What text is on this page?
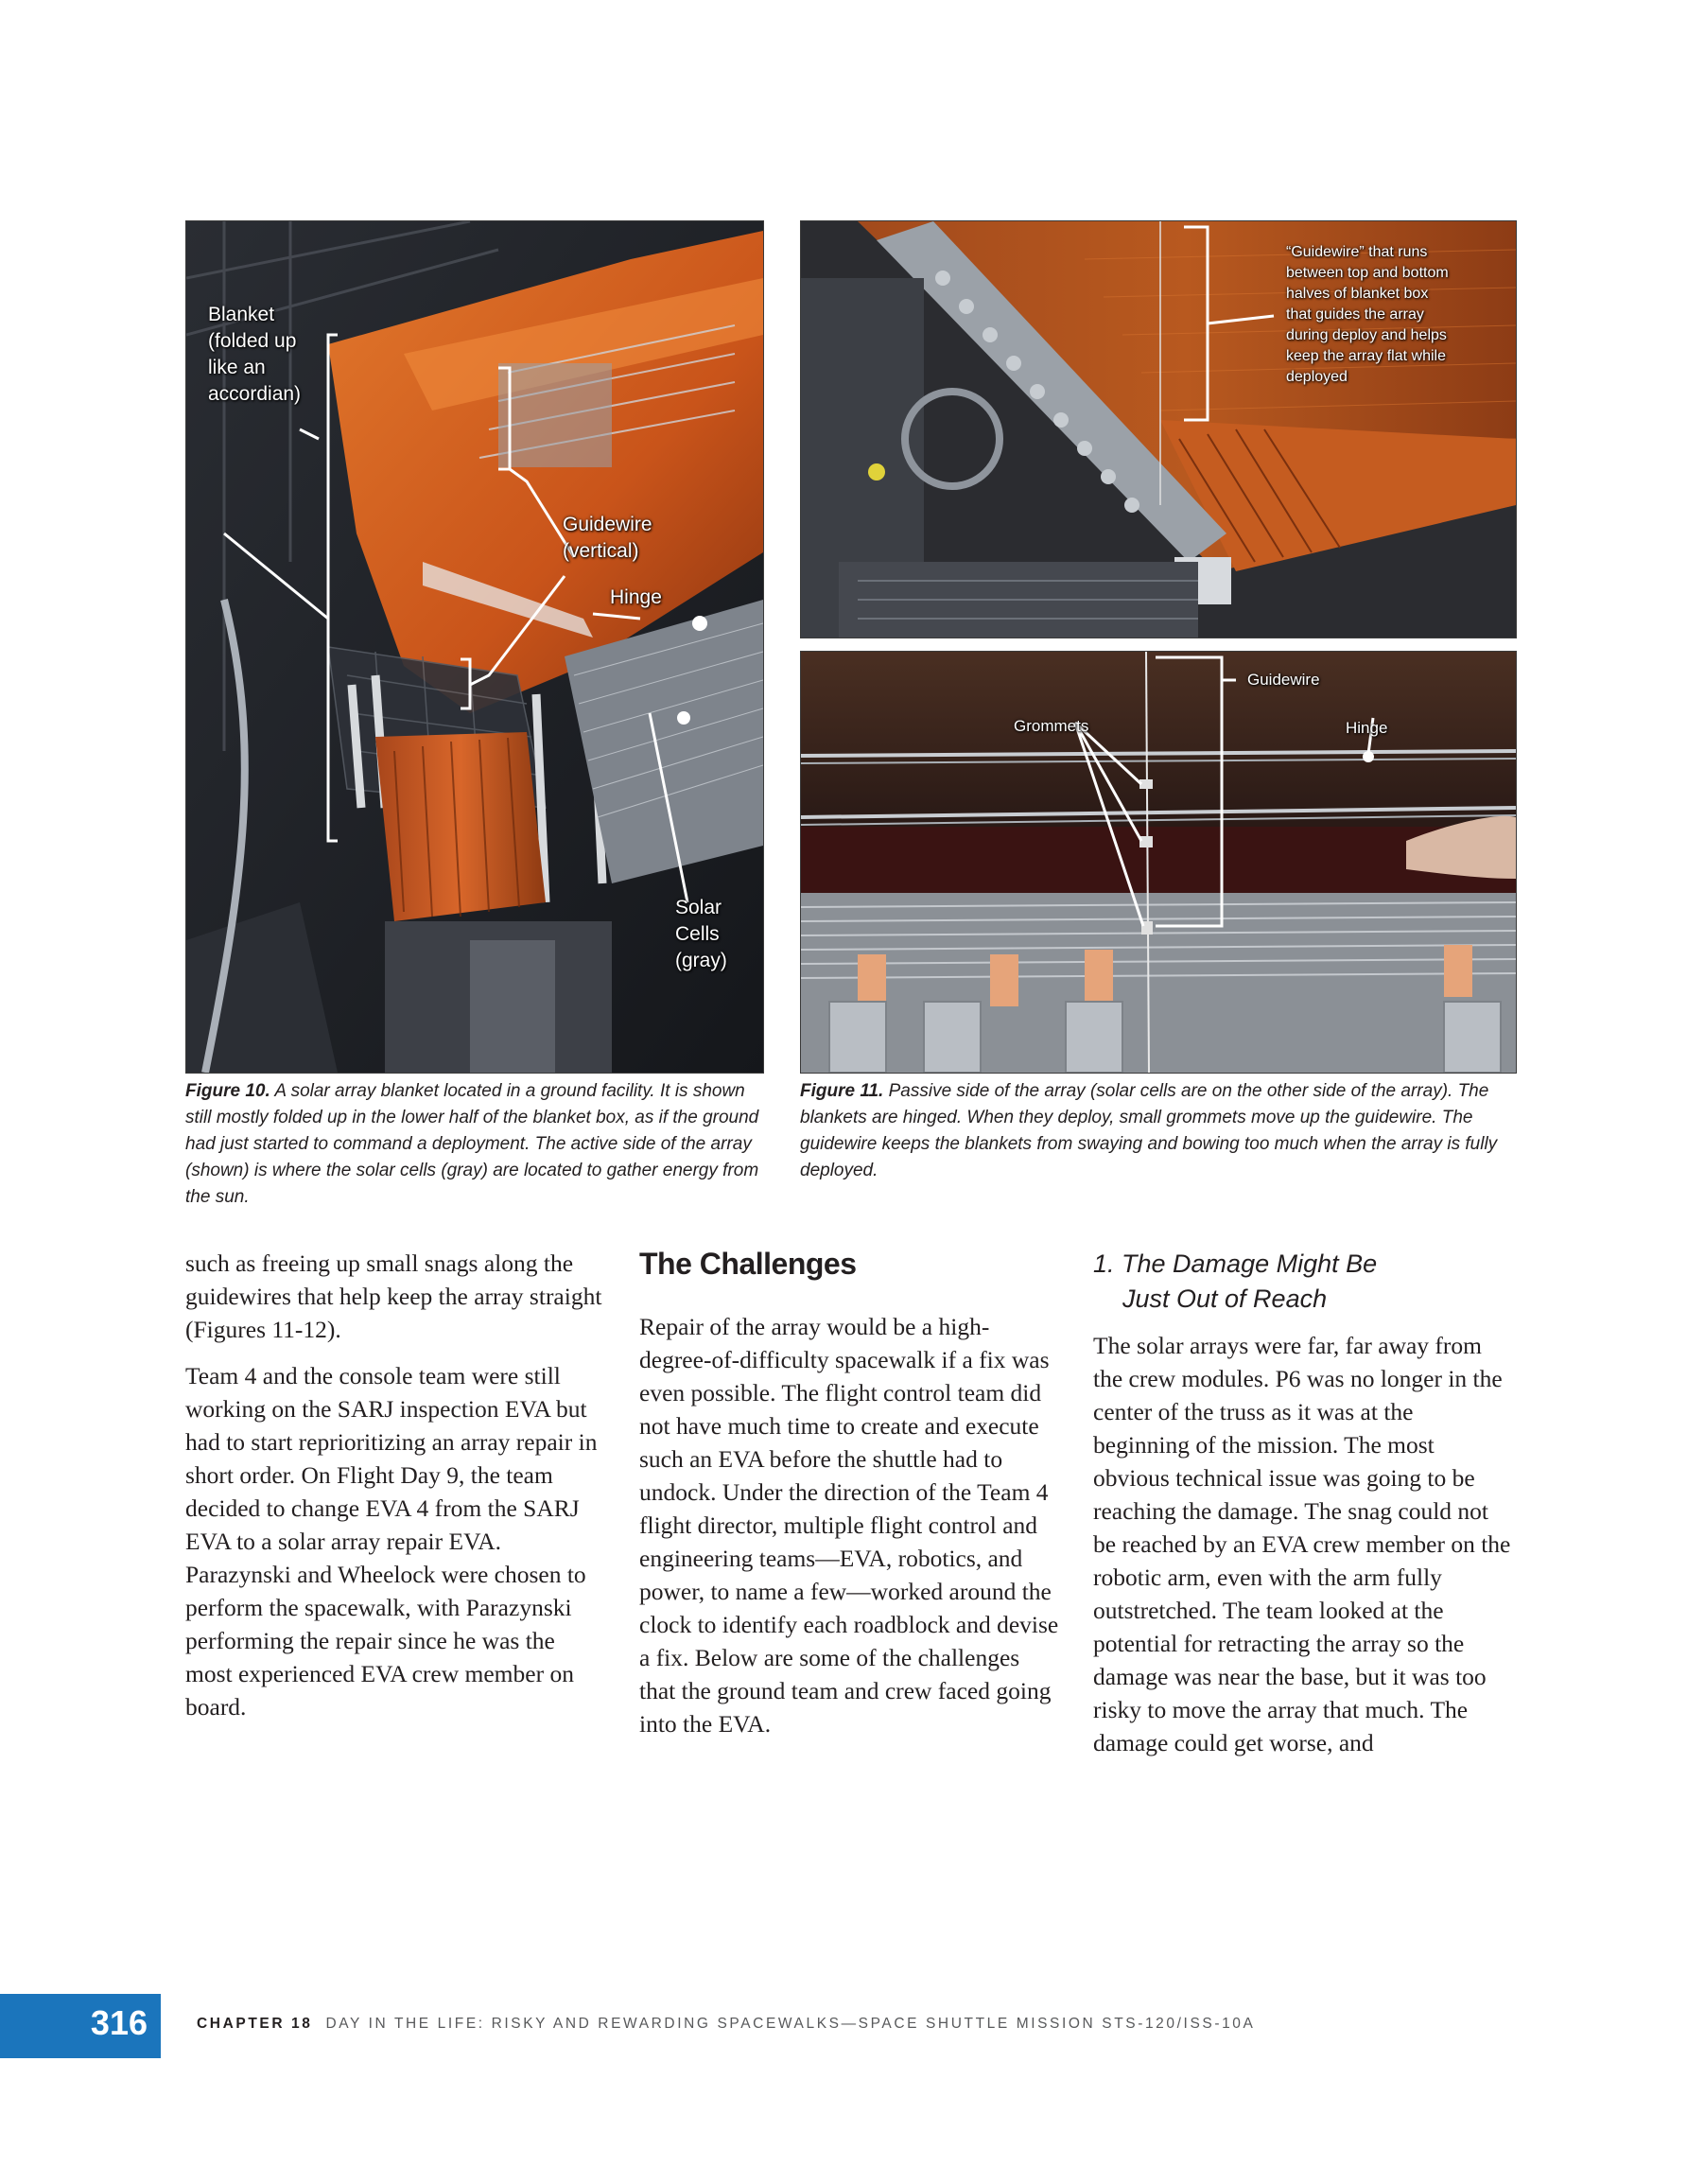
Blanket
(folded up
like an
accordian)
Guidewire
(vertical)
Hinge
Solar
Cells
(gray)
Figure 10. A solar array blanket located in a ground facility. It is shown still mostly folded up in the lower half of the blanket box, as if the ground had just started to command a deployment. The active side of the array (shown) is where the solar cells (gray) are located to gather energy from the sun.
“Guidewire” that runs
between top and bottom
halves of blanket box
that guides the array
during deploy and helps
keep the array flat while
deployed
Guidewire
Grommets	Hinge
Figure 11. Passive side of the array (solar cells are on the other side of the array). The blankets are hinged. When they deploy, small grommets move up the guidewire. The guidewire keeps the blankets from swaying and bowing too much when the array is fully deployed.

such as freeing up small snags along the guidewires that help keep the array straight (Figures 11-12).

Team 4 and the console team were still working on the SARJ inspection EVA but had to start reprioritizing an array repair in short order. On Flight Day 9, the team decided to change EVA 4 from the SARJ EVA to a solar array repair EVA. Parazynski and Wheelock were chosen to perform the spacewalk, with Parazynski performing the repair since he was the most experienced EVA crew member on board.

The Challenges

Repair of the array would be a high-degree-of-difficulty spacewalk if a fix was even possible. The flight control team did not have much time to create and execute such an EVA before the shuttle had to undock. Under the direction of the Team 4 flight director, multiple flight control and engineering teams—EVA, robotics, and power, to name a few—worked around the clock to identify each roadblock and devise a fix. Below are some of the challenges that the ground team and crew faced going into the EVA.

1. The Damage Might Be
Just Out of Reach

The solar arrays were far, far away from the crew modules. P6 was no longer in the center of the truss as it was at the beginning of the mission. The most obvious technical issue was going to be reaching the damage. The snag could not be reached by an EVA crew member on the robotic arm, even with the arm fully outstretched. The team looked at the potential for retracting the array so the damage was near the base, but it was too risky to move the array that much. The damage could get worse, and

316	CHAPTER 18 DAY IN THE LIFE: RISKY AND REWARDING SPACEWALKS—SPACE SHUTTLE MISSION STS-120/ISS-10A
